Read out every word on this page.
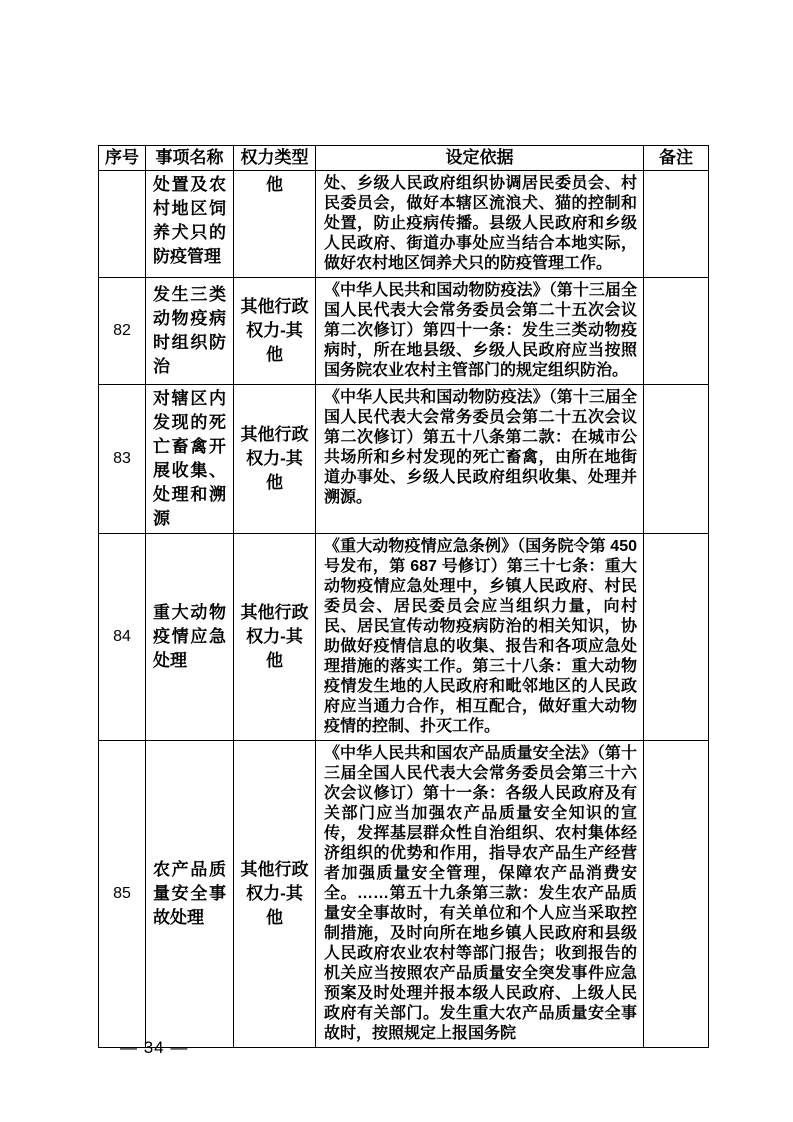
序号	事项名称	权力类型	设定依据	备注
	处置及农村地区饲养犬只的防疫管理	他	处、乡级人民政府组织协调居民委员会、村民委员会，做好本辖区流浪犬、猫的控制和处置，防止疫病传播。县级人民政府和乡级人民政府、街道办事处应当结合本地实际，做好农村地区饲养犬只的防疫管理工作。	
82	发生三类动物疫病时组织防治	其他行政权力-其他	《中华人民共和国动物防疫法》（第十三届全国人民代表大会常务委员会第二十五次会议第二次修订）第四十一条：发生三类动物疫病时，所在地县级、乡级人民政府应当按照国务院农业农村主管部门的规定组织防治。	
83	对辖区内发现的死亡畜禽开展收集、处理和溯源	其他行政权力-其他	《中华人民共和国动物防疫法》（第十三届全国人民代表大会常务委员会第二十五次会议第二次修订）第五十八条第二款：在城市公共场所和乡村发现的死亡畜禽，由所在地街道办事处、乡级人民政府组织收集、处理并溯源。	
84	重大动物疫情应急处理	其他行政权力-其他	《重大动物疫情应急条例》（国务院令第 450 号发布，第 687 号修订）第三十七条：重大动物疫情应急处理中，乡镇人民政府、村民委员会、居民委员会应当组织力量，向村民、居民宣传动物疫病防治的相关知识，协助做好疫情信息的收集、报告和各项应急处理措施的落实工作。第三十八条：重大动物疫情发生地的人民政府和毗邻地区的人民政府应当通力合作，相互配合，做好重大动物疫情的控制、扑灭工作。	
85	农产品质量安全事故处理	其他行政权力-其他	《中华人民共和国农产品质量安全法》（第十三届全国人民代表大会常务委员会第三十六次会议修订）第十一条：各级人民政府及有关部门应当加强农产品质量安全知识的宣传，发挥基层群众性自治组织、农村集体经济组织的优势和作用，指导农产品生产经营者加强质量安全管理，保障农产品消费安全。……第五十九条第三款：发生农产品质量安全事故时，有关单位和个人应当采取控制措施，及时向所在地乡镇人民政府和县级人民政府农业农村等部门报告；收到报告的机关应当按照农产品质量安全突发事件应急预案及时处理并报本级人民政府、上级人民政府有关部门。发生重大农产品质量安全事故时，按照规定上报国务院	
— 34 —
